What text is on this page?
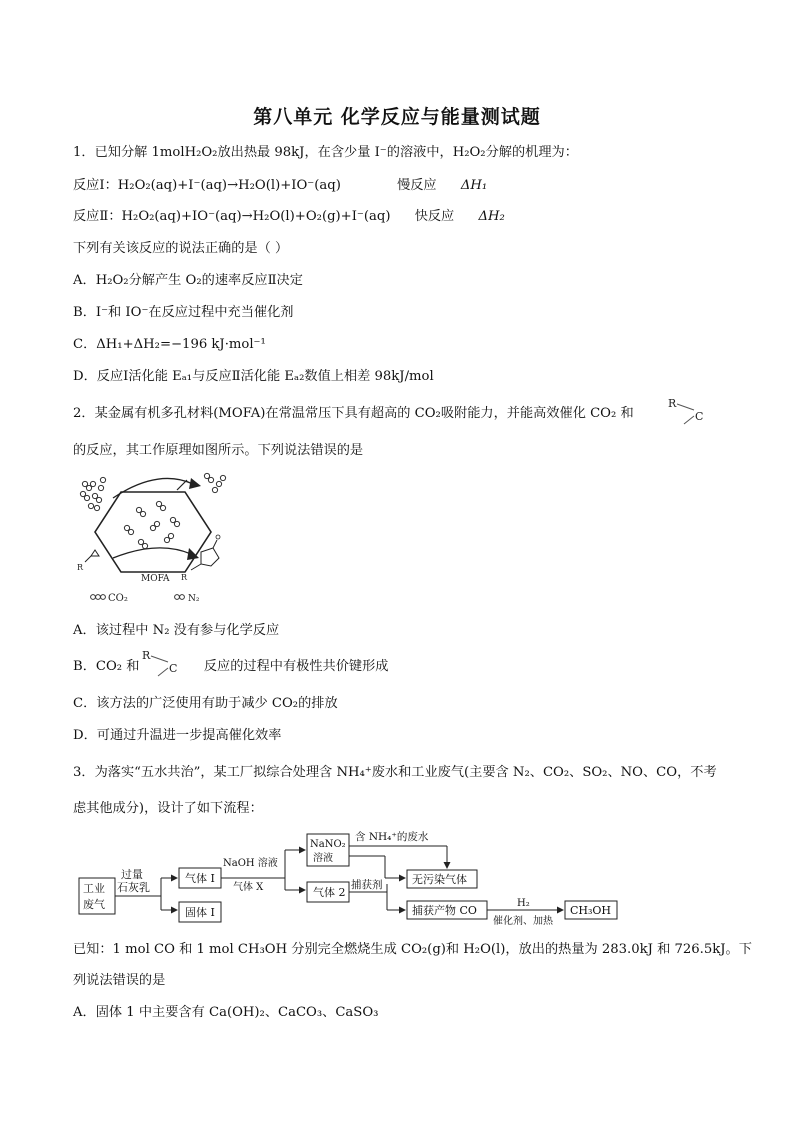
第八单元 化学反应与能量测试题
1．已知分解 1molH₂O₂放出热最 98kJ，在含少量 I⁻的溶液中，H₂O₂分解的机理为：
反应Ⅰ：H₂O₂(aq)+I⁻(aq)→H₂O(l)+IO⁻(aq)	慢反应 ΔH₁
反应Ⅱ：H₂O₂(aq)+IO⁻(aq)→H₂O(l)+O₂(g)+I⁻(aq) 快反应 ΔH₂
下列有关该反应的说法正确的是（ ）
A．H₂O₂分解产生 O₂的速率反应Ⅱ决定
B．I⁻和 IO⁻在反应过程中充当催化剂
C．ΔH₁+ΔH₂=−196 kJ·mol⁻¹
D．反应Ⅰ活化能 Eₐ₁与反应Ⅱ活化能 Eₐ₂数值上相差 98kJ/mol
2．某金属有机多孔材料(MOFA)在常温常压下具有超高的 CO₂吸附能力，并能高效催化 CO₂ 和
R
C
的反应，其工作原理如图所示。下列说法错误的是
R
R
MOFA
CO₂	N₂
A．该过程中 N₂ 没有参与化学反应
B．CO₂ 和	反应的过程中有极性共价键形成
R
C
C．该方法的广泛使用有助于减少 CO₂的排放
D．可通过升温进一步提高催化效率
3．为落实“五水共治”，某工厂拟综合处理含 NH₄⁺废水和工业废气(主要含 N₂、CO₂、SO₂、NO、CO，不考
虑其他成分)，设计了如下流程：
工业
废气
过量
石灰乳
气体 I
固体 I
NaOH 溶液
气体 X
NaNO₂
溶液
含 NH₄⁺的废水
气体 2
捕获剂	无污染气体
捕获产物 CO
H₂
催化剂、加热
CH₃OH
已知：1 mol CO 和 1 mol CH₃OH 分别完全燃烧生成 CO₂(g)和 H₂O(l)，放出的热量为 283.0kJ 和 726.5kJ。下
列说法错误的是
A．固体 1 中主要含有 Ca(OH)₂、CaCO₃、CaSO₃
